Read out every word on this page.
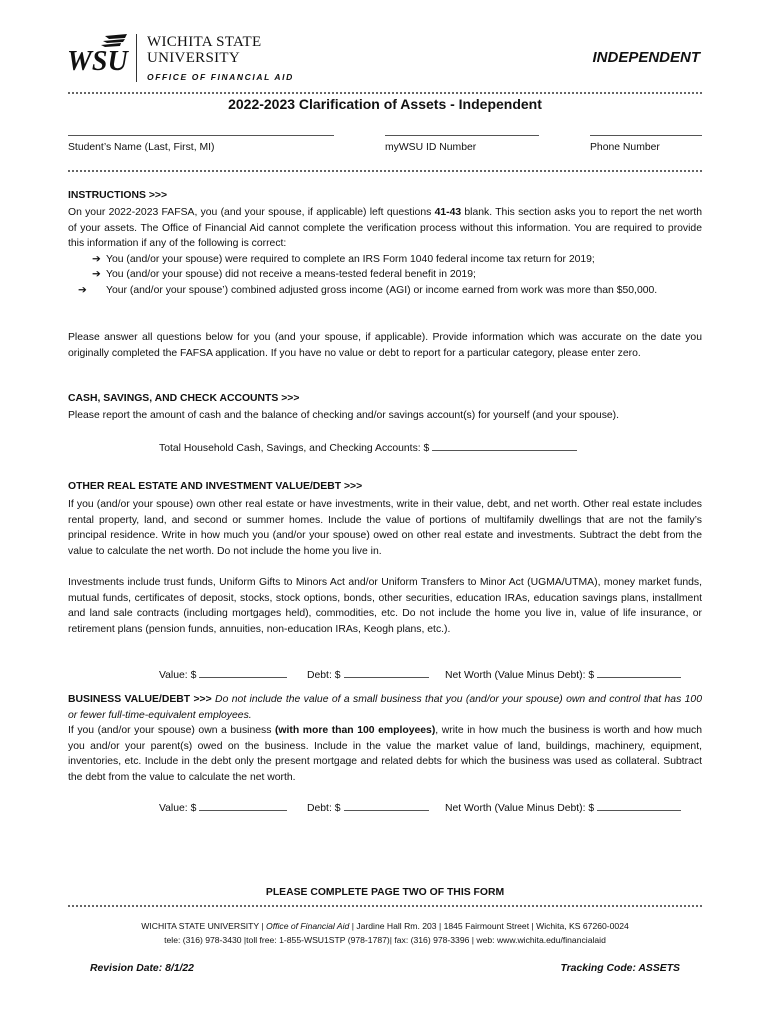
WSU
WICHITA STATE
UNIVERSITY
OFFICE OF FINANCIAL AID
INDEPENDENT
2022-2023 Clarification of Assets - Independent
Student’s Name (Last, First, MI)	myWSU ID Number	Phone Number
INSTRUCTIONS >>>
On your 2022-2023 FAFSA, you (and your spouse, if applicable) left questions 41-43 blank. This section asks you to report the net worth of your assets. The Office of Financial Aid cannot complete the verification process without this information. You are required to provide this information if any of the following is correct:
➔ You (and/or your spouse) were required to complete an IRS Form 1040 federal income tax return for 2019;
➔ You (and/or your spouse) did not receive a means-tested federal benefit in 2019;
➔ Your (and/or your spouse’) combined adjusted gross income (AGI) or income earned from work was more than $50,000.
Please answer all questions below for you (and your spouse, if applicable). Provide information which was accurate on the date you originally completed the FAFSA application. If you have no value or debt to report for a particular category, please enter zero.
CASH, SAVINGS, AND CHECK ACCOUNTS >>>
Please report the amount of cash and the balance of checking and/or savings account(s) for yourself (and your spouse).
Total Household Cash, Savings, and Checking Accounts: $
OTHER REAL ESTATE AND INVESTMENT VALUE/DEBT >>>
If you (and/or your spouse) own other real estate or have investments, write in their value, debt, and net worth. Other real estate includes rental property, land, and second or summer homes. Include the value of portions of multifamily dwellings that are not the family’s principal residence. Write in how much you (and/or your spouse) owed on other real estate and investments. Subtract the debt from the value to calculate the net worth. Do not include the home you live in.
Investments include trust funds, Uniform Gifts to Minors Act and/or Uniform Transfers to Minor Act (UGMA/UTMA), money market funds, mutual funds, certificates of deposit, stocks, stock options, bonds, other securities, education IRAs, education savings plans, installment and land sale contracts (including mortgages held), commodities, etc. Do not include the home you live in, value of life insurance, or retirement plans (pension funds, annuities, non-education IRAs, Keogh plans, etc.).
Value: $	Debt: $	Net Worth (Value Minus Debt): $
BUSINESS VALUE/DEBT >>> Do not include the value of a small business that you (and/or your spouse) own and control that has 100 or fewer full-time-equivalent employees.
If you (and/or your spouse) own a business (with more than 100 employees), write in how much the business is worth and how much you and/or your parent(s) owed on the business. Include in the value the market value of land, buildings, machinery, equipment, inventories, etc. Include in the debt only the present mortgage and related debts for which the business was used as collateral. Subtract the debt from the value to calculate the net worth.
Value: $	Debt: $	Net Worth (Value Minus Debt): $
PLEASE COMPLETE PAGE TWO OF THIS FORM
WICHITA STATE UNIVERSITY | Office of Financial Aid | Jardine Hall Rm. 203 | 1845 Fairmount Street | Wichita, KS 67260-0024
tele: (316) 978-3430 |toll free: 1-855-WSU1STP (978-1787)| fax: (316) 978-3396 | web: www.wichita.edu/financialaid
Revision Date: 8/1/22	Tracking Code: ASSETS
